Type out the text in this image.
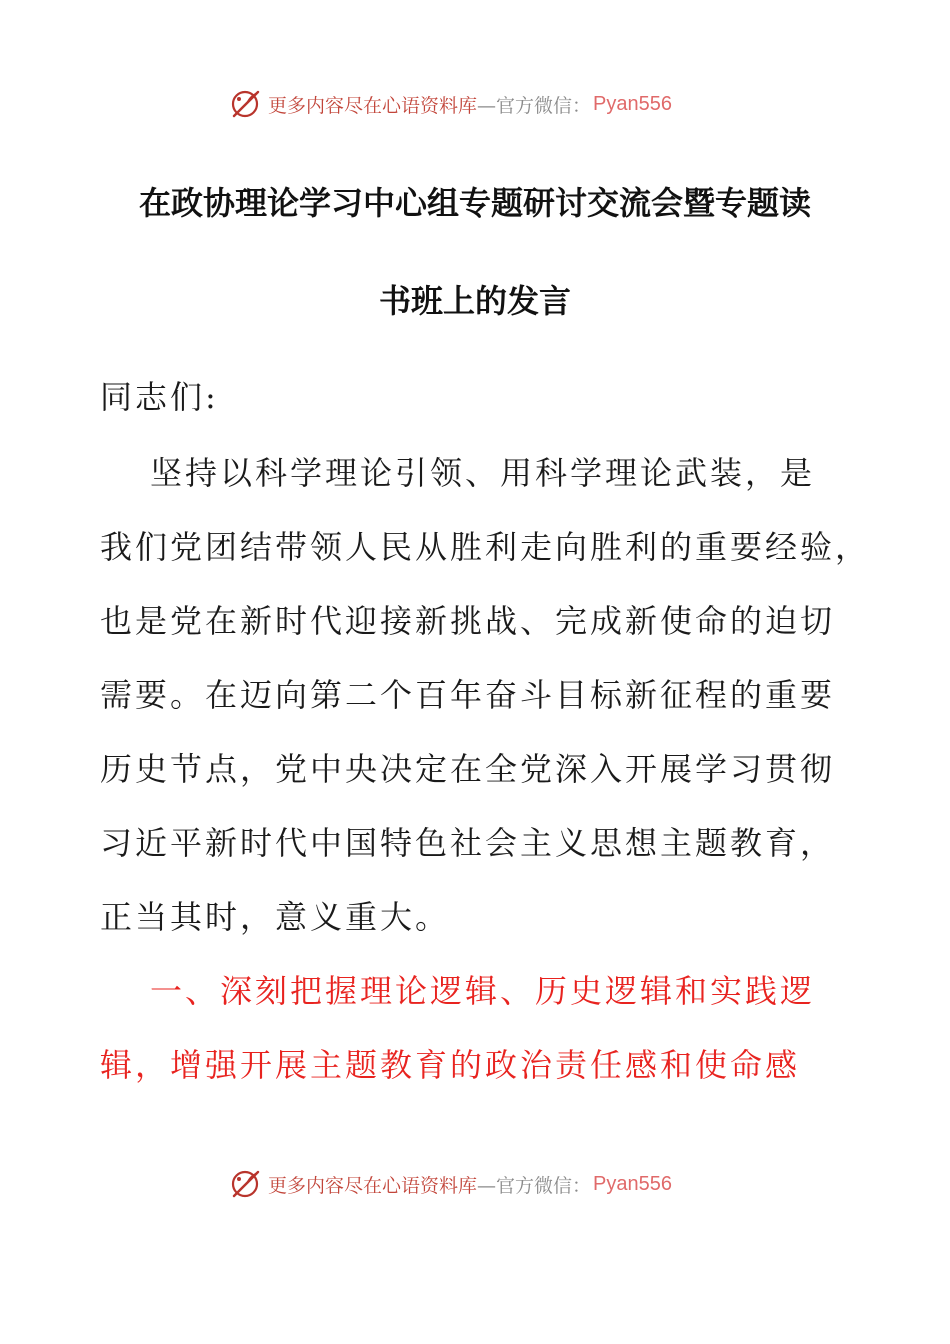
更多内容尽在心语资料库 —官方微信： Pyan556
在政协理论学习中心组专题研讨交流会暨专题读
书班上的发言
同志们:
坚持以科学理论引领、用科学理论武装，是
我们党团结带领人民从胜利走向胜利的重要经验，
也是党在新时代迎接新挑战、完成新使命的迫切
需要。在迈向第二个百年奋斗目标新征程的重要
历史节点，党中央决定在全党深入开展学习贯彻
习近平新时代中国特色社会主义思想主题教育，
正当其时，意义重大。
一、深刻把握理论逻辑、历史逻辑和实践逻
辑，增强开展主题教育的政治责任感和使命感
更多内容尽在心语资料库 —官方微信： Pyan556
